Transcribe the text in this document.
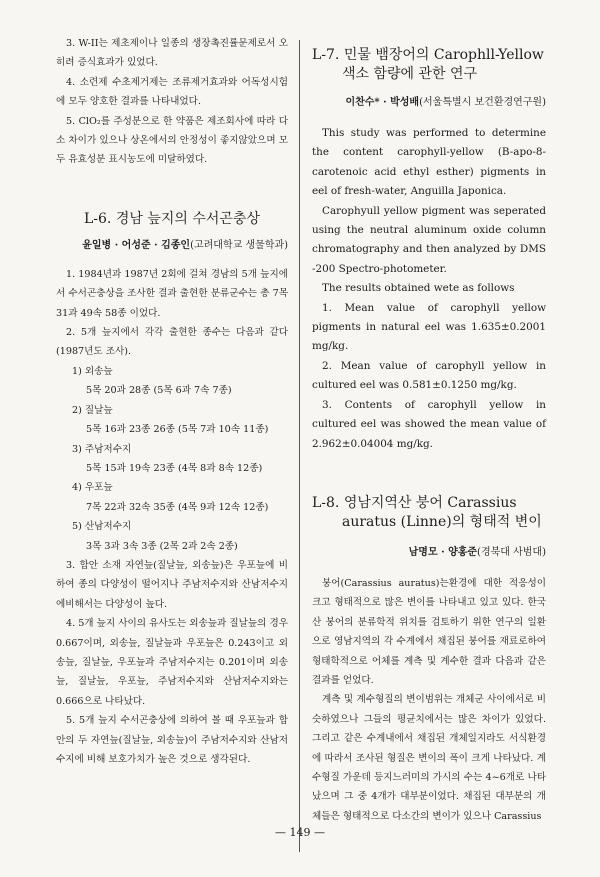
3. W-II는 제초제이나 일종의 생장촉진률문제로서 오히려 증식효과가 있었다.

4. 소련제 수초제거제는 조류제거효과와 어독성시험에 모두 양호한 결과를 나타내었다.

5. ClO₂를 주성분으로 한 약품은 제조회사에 따라 다소 차이가 있으나 상온에서의 안정성이 좋지않았으며 모두 유효성분 표시농도에 미달하였다.

L-6. 경남 늪지의 수서곤충상
윤일병 · 어성준 · 김종인(고려대학교 생물학과)

1. 1984년과 1987년 2회에 걸쳐 경남의 5개 늪지에서 수서곤충상을 조사한 결과 출현한 분류군수는 총 7목 31과 49속 58종 이었다.

2. 5개 늪지에서 각각 출현한 종수는 다음과 같다(1987년도 조사).

1) 외송늪
5목 20과 28종 (5목 6과 7속 7종)
2) 질날늪
5목 16과 23종 26종 (5목 7과 10속 11종)
3) 주남저수지
5목 15과 19속 23종 (4목 8과 8속 12종)
4) 우포늪
7목 22과 32속 35종 (4목 9과 12속 12종)
5) 산남저수지
3목 3과 3속 3종 (2목 2과 2속 2종)

3. 합안 소재 자연늪(질날늪, 외송늪)은 우포늪에 비하여 종의 다양성이 떨어지나 주남저수지와 산남저수지에비해서는 다양성이 높다.

4. 5개 늪지 사이의 유사도는 외송늪과 질날늪의 경우 0.667이며, 외송늪, 질날늪과 우포늪은 0.243이고 외송늪, 질날늪, 우포늪과 주남저수지는 0.201이며 외송늪, 질날늪, 우포늪, 주남저수지와 산남저수지와는 0.666으로 나타났다.

5. 5개 늪지 수서곤충상에 의하여 볼 때 우포늪과 합안의 두 자연늪(질날늪, 외송늪)이 주남저수지와 산남저수지에 비해 보호가치가 높은 것으로 생각된다.

L-7. 민물 뱀장어의 Carophll-Yellow
색소 함량에 관한 연구
이찬수* · 박성배(서울특별시 보건환경연구원)

This study was performed to determine the content carophyll-yellow (B-apo-8-carotenoic acid ethyl esther) pigments in eel of fresh-water, Anguilla Japonica.

Carophyull yellow pigment was seperated using the neutral aluminum oxide column chromatography and then analyzed by DMS -200 Spectro-photometer.

The results obtained wete as follows

1. Mean value of carophyll yellow pigments in natural eel was 1.635±0.2001 mg/kg.

2. Mean value of carophyll yellow in cultured eel was 0.581±0.1250 mg/kg.

3. Contents of carophyll yellow in cultured eel was showed the mean value of 2.962±0.04004 mg/kg.

L-8. 영남지역산 붕어 Carassius
auratus (Linne)의 형태적 변이
남명모 · 양홍준(경북대 사범대)

붕어(Carassius auratus)는환경에 대한 적응성이 크고 형태적으로 많은 변이를 나타내고 있고 있다. 한국산 붕어의 분류학적 위치를 검토하기 위한 연구의 일환으로 영남지역의 각 수계에서 채집된 붕어를 재료로하여 형태학적으로 어체를 계측 및 계수한 결과 다음과 같은 결과를 얻었다.

계측 및 계수형질의 변이범위는 개체군 사이에서로 비슷하였으나 그들의 평균치에서는 많은 차이가 있었다. 그리고 같은 수계내에서 채집된 개체일지라도 서식환경에 따라서 조사된 형질은 변이의 폭이 크게 나타났다. 계수형질 가운데 등지느러미의 가시의 수는 4~6개로 나타났으며 그 중 4개가 대부분이었다. 채집된 대부분의 개체들은 형태적으로 다소간의 변이가 있으나 Carassius

— 149 —
